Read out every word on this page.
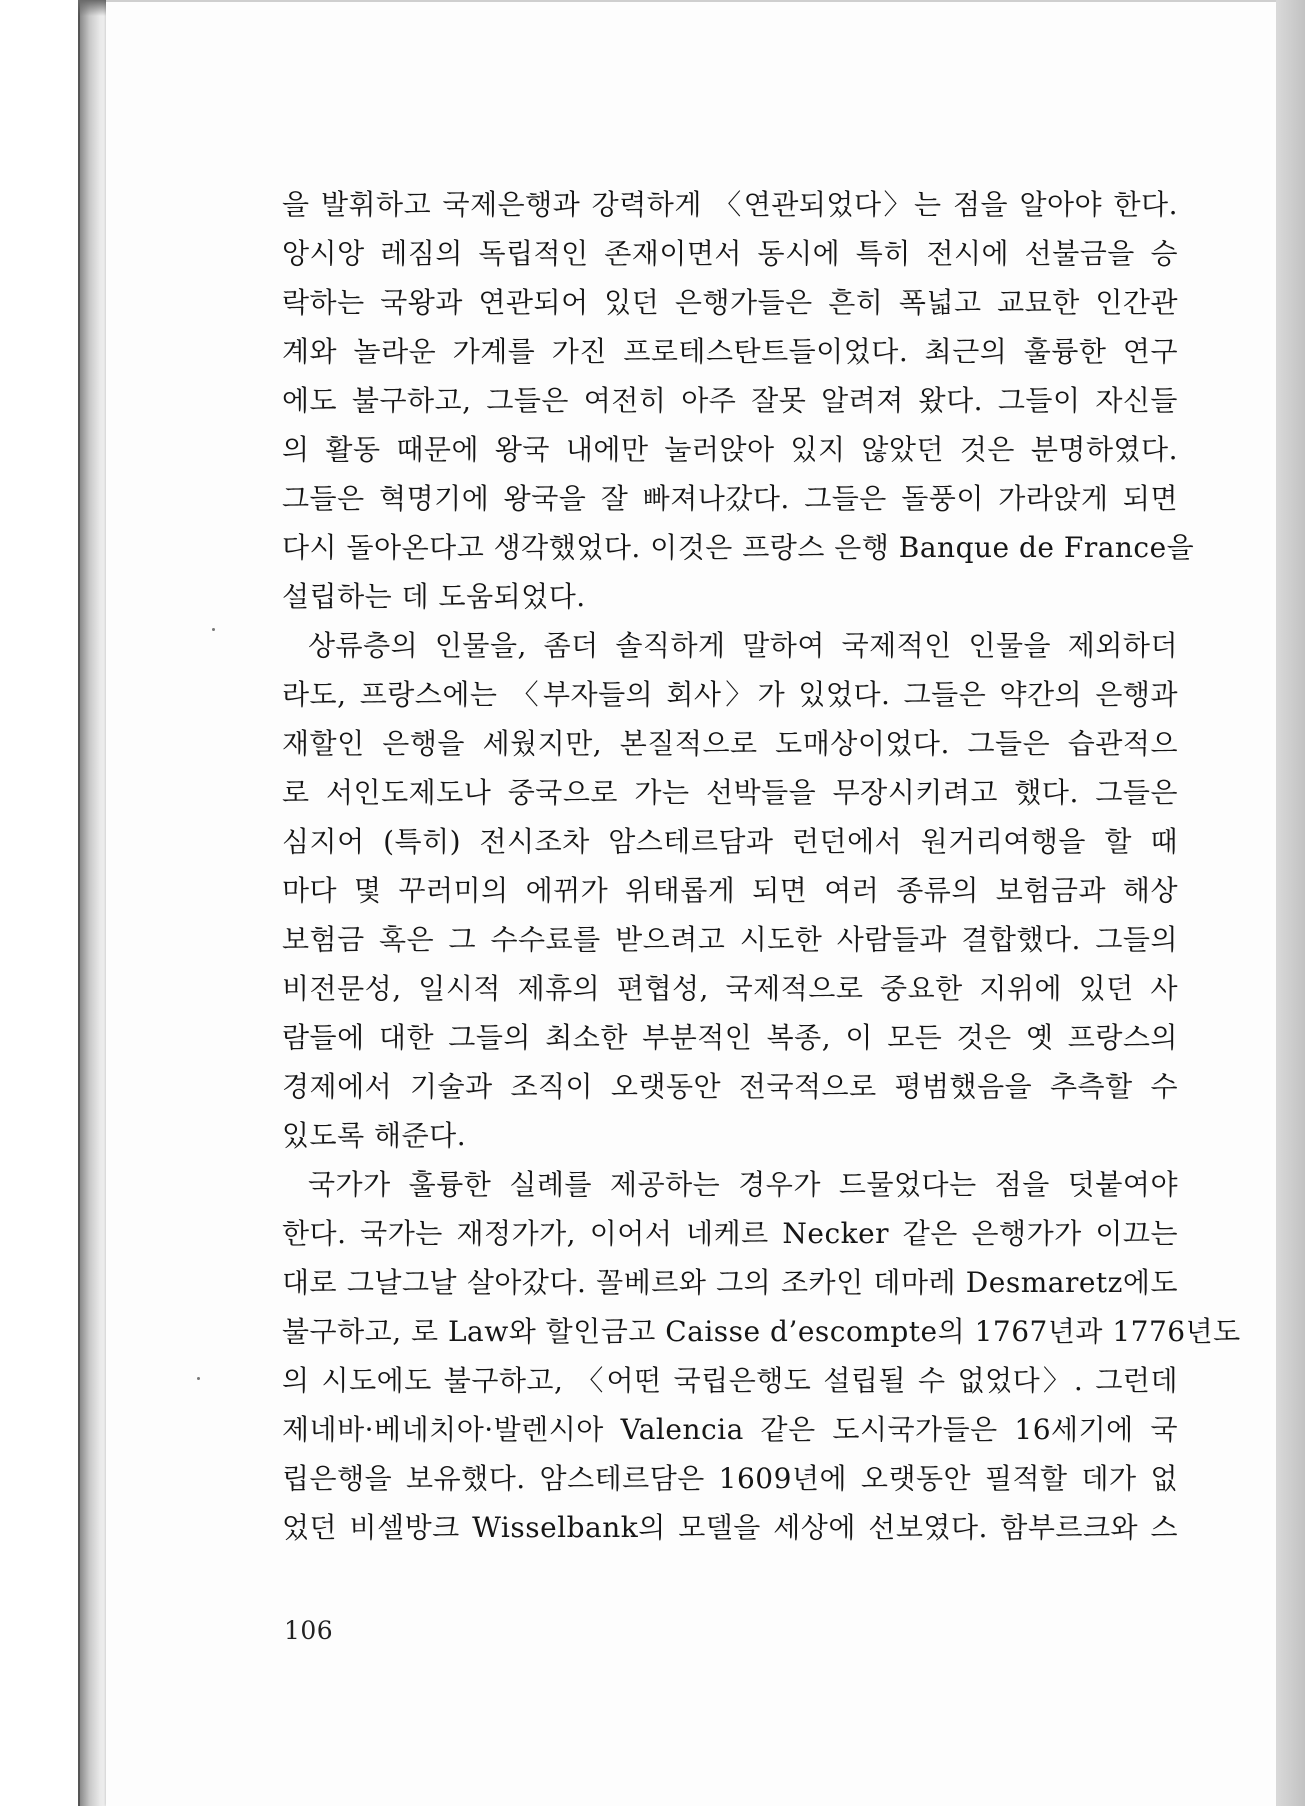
을 발휘하고 국제은행과 강력하게 〈연관되었다〉는 점을 알아야 한다.
앙시앙 레짐의 독립적인 존재이면서 동시에 특히 전시에 선불금을 승
락하는 국왕과 연관되어 있던 은행가들은 흔히 폭넓고 교묘한 인간관
계와 놀라운 가계를 가진 프로테스탄트들이었다. 최근의 훌륭한 연구
에도 불구하고, 그들은 여전히 아주 잘못 알려져 왔다. 그들이 자신들
의 활동 때문에 왕국 내에만 눌러앉아 있지 않았던 것은 분명하였다.
그들은 혁명기에 왕국을 잘 빠져나갔다. 그들은 돌풍이 가라앉게 되면
다시 돌아온다고 생각했었다. 이것은 프랑스 은행 Banque de France을
설립하는 데 도움되었다.
상류층의 인물을, 좀더 솔직하게 말하여 국제적인 인물을 제외하더
라도, 프랑스에는 〈부자들의 회사〉가 있었다. 그들은 약간의 은행과
재할인 은행을 세웠지만, 본질적으로 도매상이었다. 그들은 습관적으
로 서인도제도나 중국으로 가는 선박들을 무장시키려고 했다. 그들은
심지어 (특히) 전시조차 암스테르담과 런던에서 원거리여행을 할 때
마다 몇 꾸러미의 에뀌가 위태롭게 되면 여러 종류의 보험금과 해상
보험금 혹은 그 수수료를 받으려고 시도한 사람들과 결합했다. 그들의
비전문성, 일시적 제휴의 편협성, 국제적으로 중요한 지위에 있던 사
람들에 대한 그들의 최소한 부분적인 복종, 이 모든 것은 옛 프랑스의
경제에서 기술과 조직이 오랫동안 전국적으로 평범했음을 추측할 수
있도록 해준다.
국가가 훌륭한 실례를 제공하는 경우가 드물었다는 점을 덧붙여야
한다. 국가는 재정가가, 이어서 네케르 Necker 같은 은행가가 이끄는
대로 그날그날 살아갔다. 꼴베르와 그의 조카인 데마레 Desmaretz에도
불구하고, 로 Law와 할인금고 Caisse d’escompte의 1767년과 1776년도
의 시도에도 불구하고, 〈어떤 국립은행도 설립될 수 없었다〉. 그런데
제네바·베네치아·발렌시아 Valencia 같은 도시국가들은 16세기에 국
립은행을 보유했다. 암스테르담은 1609년에 오랫동안 필적할 데가 없
었던 비셀방크 Wisselbank의 모델을 세상에 선보였다. 함부르크와 스
106
